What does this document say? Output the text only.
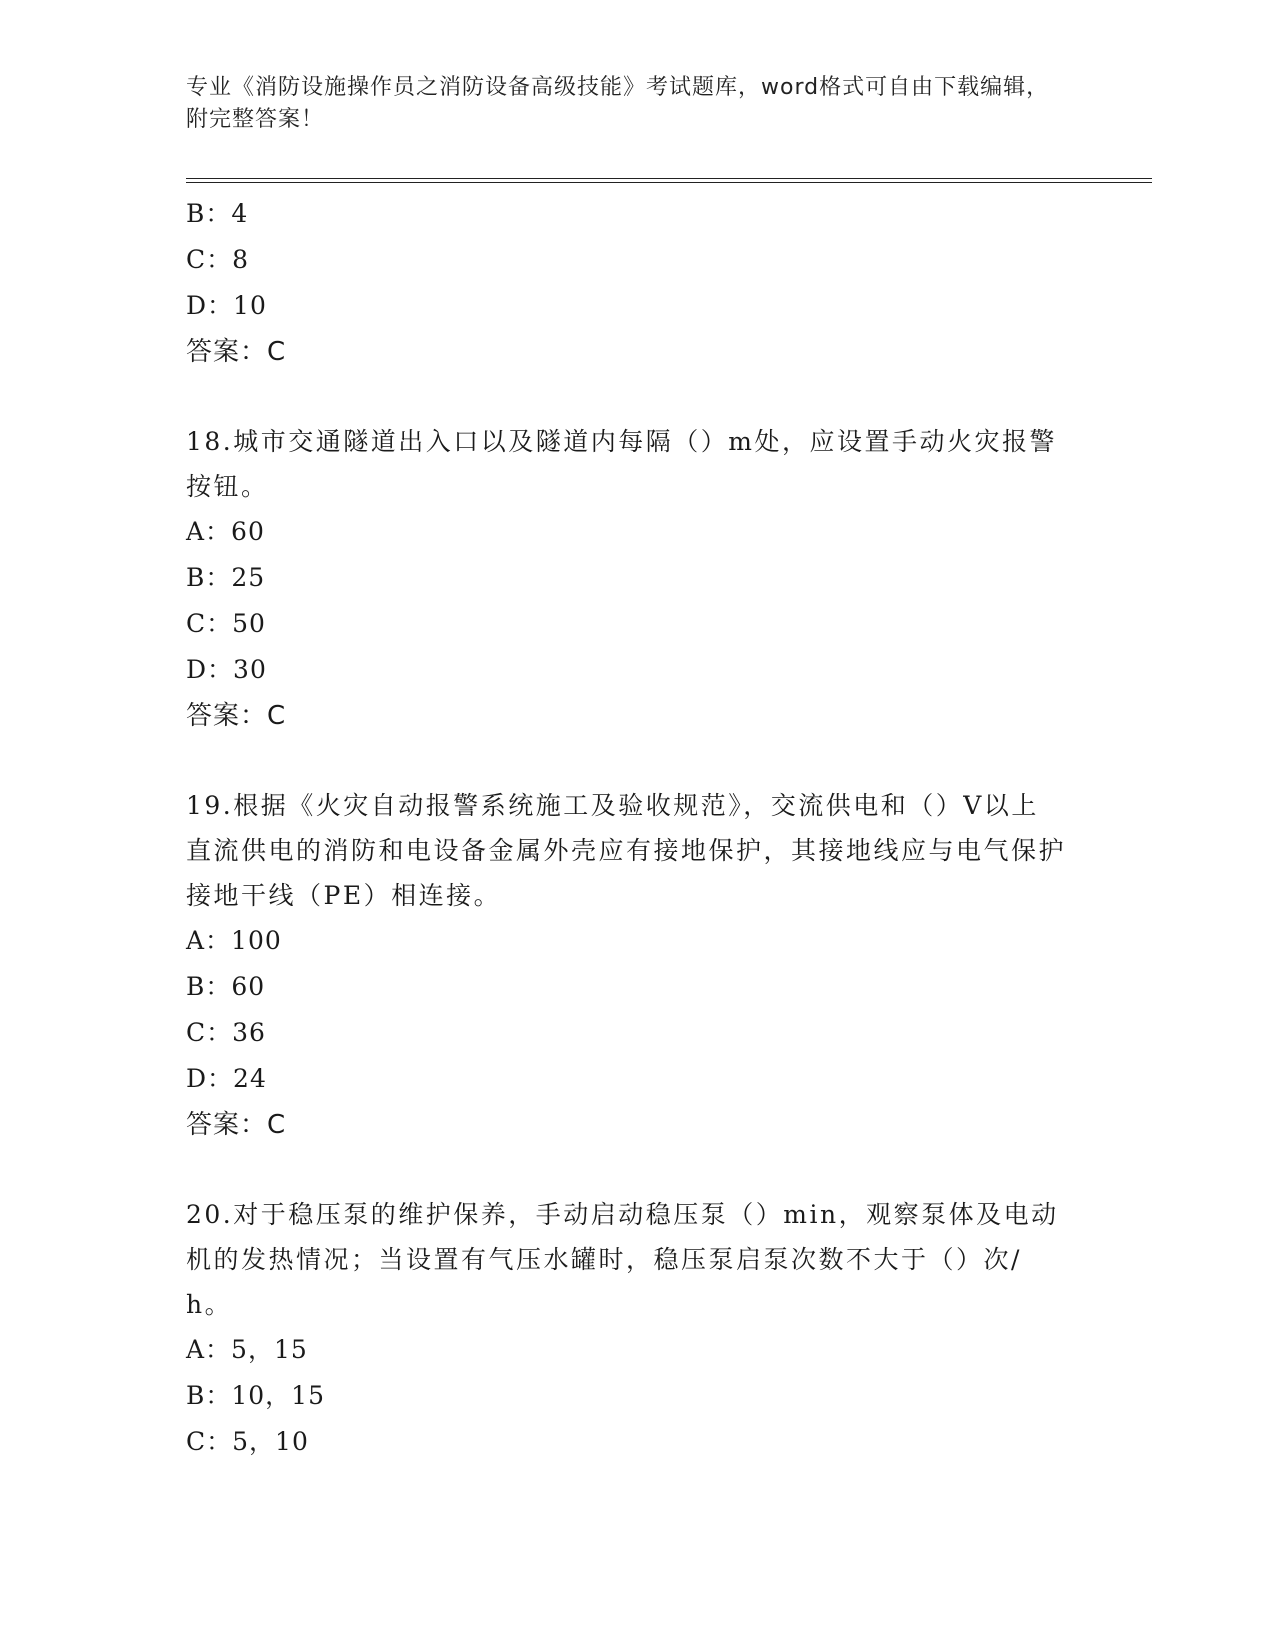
专业《消防设施操作员之消防设备高级技能》考试题库，word格式可自由下载编辑，附完整答案！
B：4
C：8
D：10
答案：C
18.城市交通隧道出入口以及隧道内每隔（）m处，应设置手动火灾报警按钮。
A：60
B：25
C：50
D：30
答案：C
19.根据《火灾自动报警系统施工及验收规范》，交流供电和（）V以上直流供电的消防和电设备金属外壳应有接地保护，其接地线应与电气保护接地干线（PE）相连接。
A：100
B：60
C：36
D：24
答案：C
20.对于稳压泵的维护保养，手动启动稳压泵（）min，观察泵体及电动机的发热情况；当设置有气压水罐时，稳压泵启泵次数不大于（）次/h。
A：5，15
B：10，15
C：5，10
